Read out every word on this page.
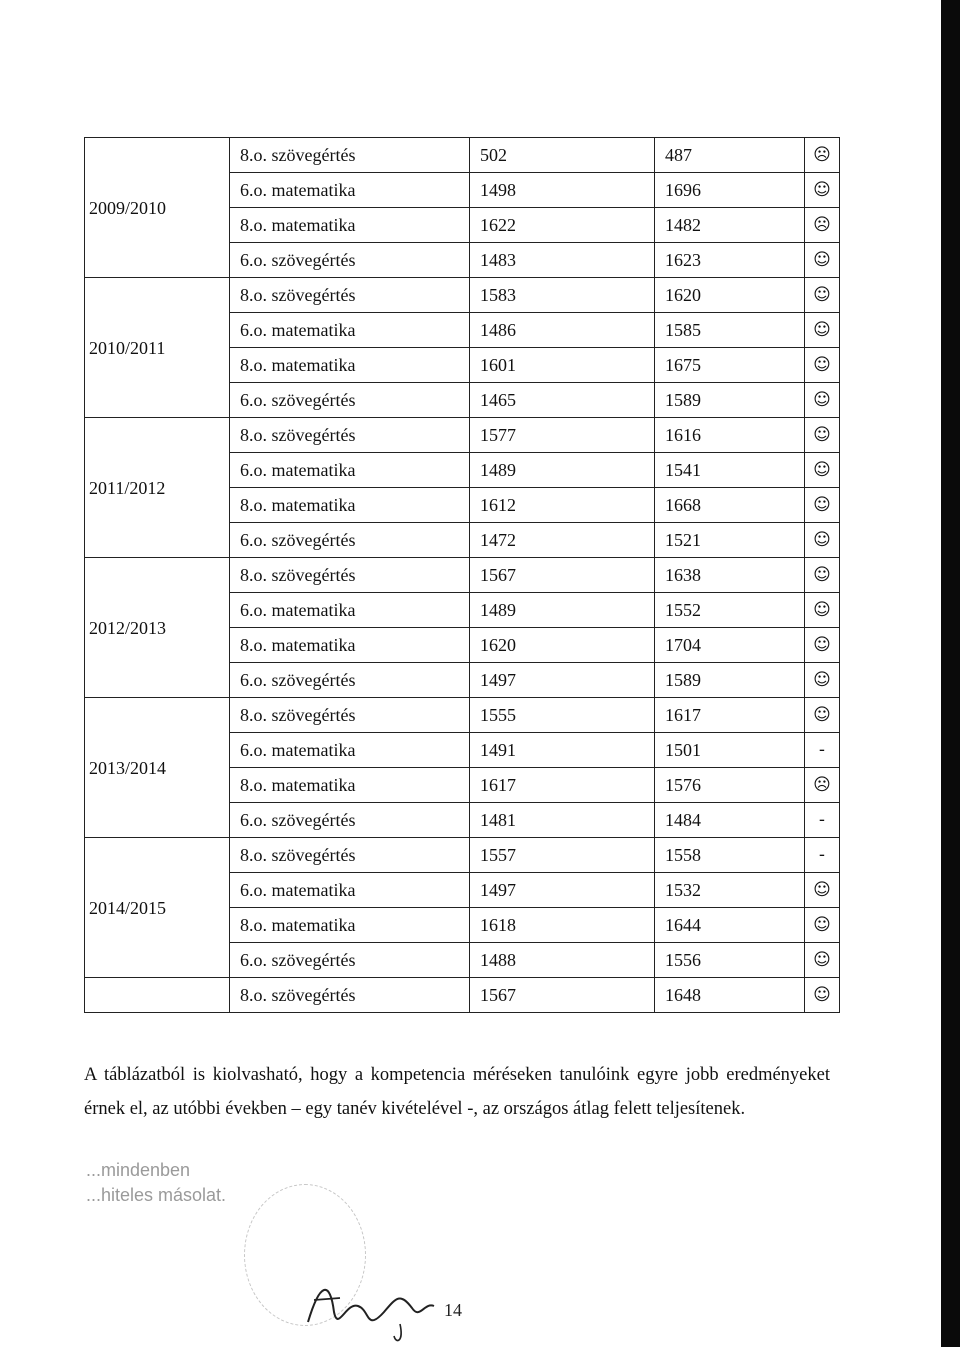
2009/2010	8.o. szövegértés	502	487	☹
	6.o. matematika	1498	1696	☺
	8.o. matematika	1622	1482	☹
	6.o. szövegértés	1483	1623	☺
2010/2011	8.o. szövegértés	1583	1620	☺
	6.o. matematika	1486	1585	☺
	8.o. matematika	1601	1675	☺
	6.o. szövegértés	1465	1589	☺
2011/2012	8.o. szövegértés	1577	1616	☺
	6.o. matematika	1489	1541	☺
	8.o. matematika	1612	1668	☺
	6.o. szövegértés	1472	1521	☺
2012/2013	8.o. szövegértés	1567	1638	☺
	6.o. matematika	1489	1552	☺
	8.o. matematika	1620	1704	☺
	6.o. szövegértés	1497	1589	☺
2013/2014	8.o. szövegértés	1555	1617	☺
	6.o. matematika	1491	1501	-
	8.o. matematika	1617	1576	☹
	6.o. szövegértés	1481	1484	-
2014/2015	8.o. szövegértés	1557	1558	-
	6.o. matematika	1497	1532	☺
	8.o. matematika	1618	1644	☺
	6.o. szövegértés	1488	1556	☺
	8.o. szövegértés	1567	1648	☺

A táblázatból is kiolvasható, hogy a kompetencia méréseken tanulóink egyre jobb eredményeket érnek el, az utóbbi években – egy tanév kivételével -, az országos átlag felett teljesítenek.

...mindenben
...hiteles másolat.
14
